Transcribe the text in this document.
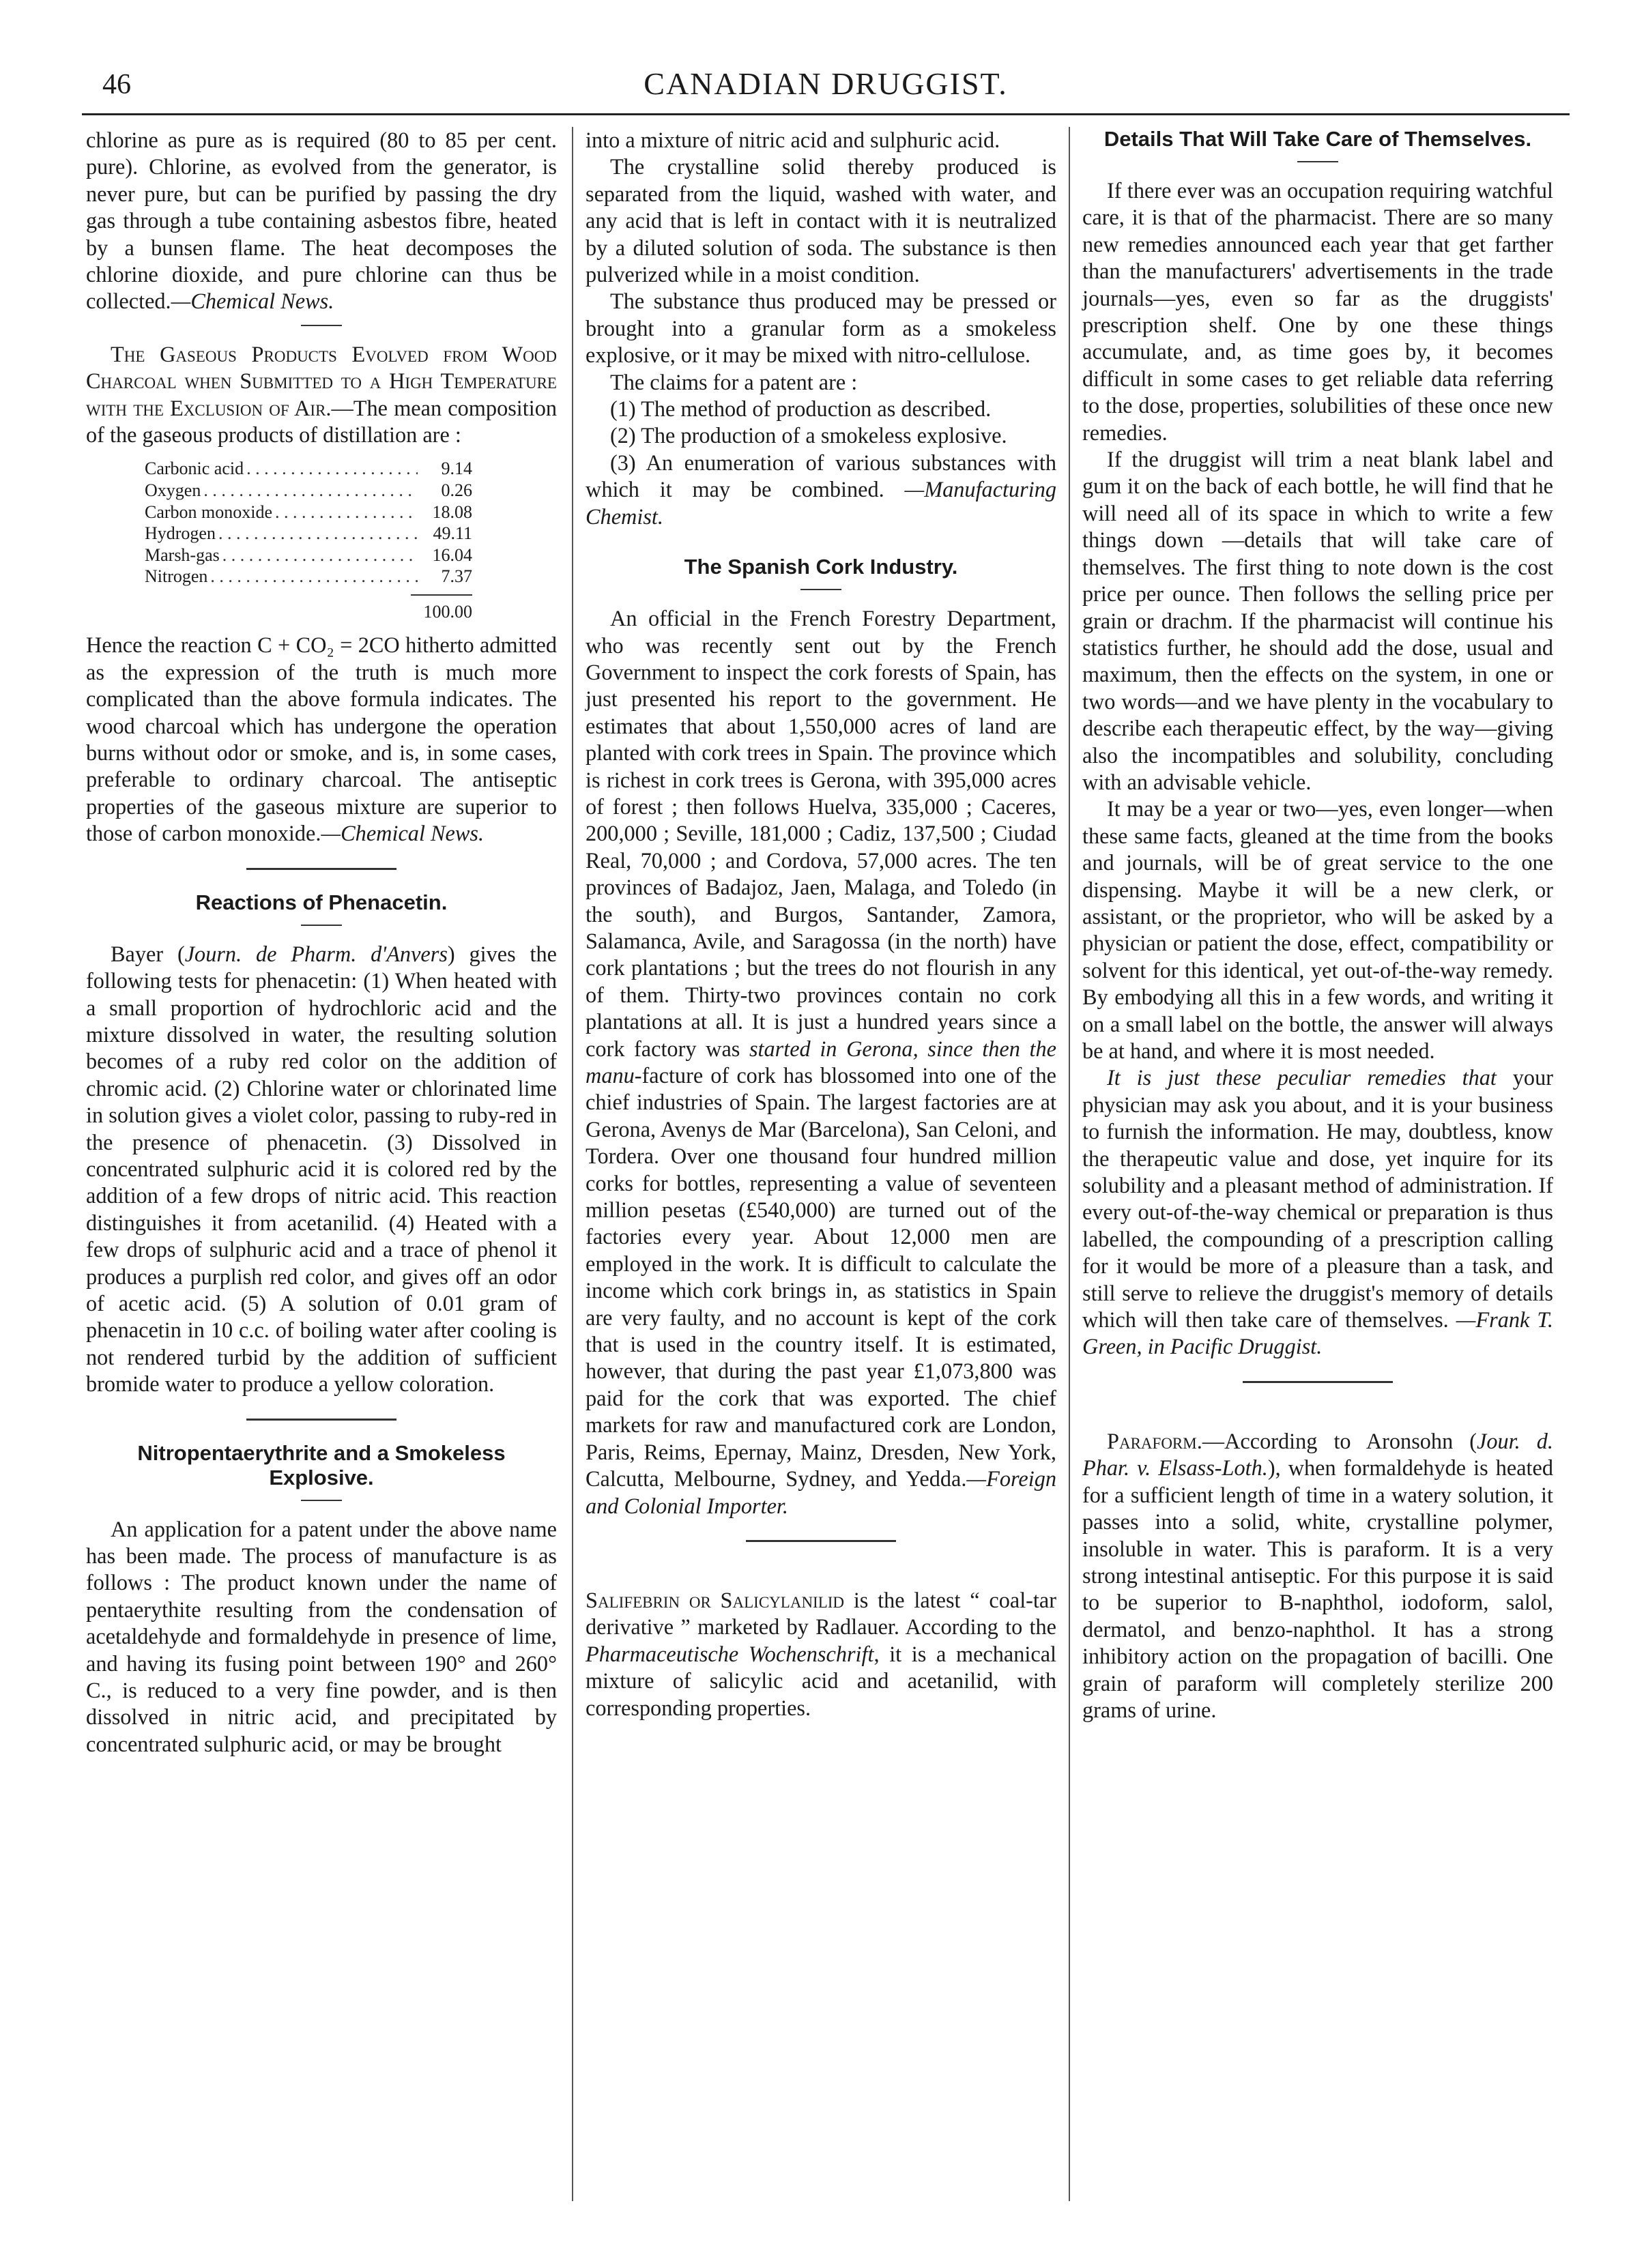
46	CANADIAN DRUGGIST.

chlorine as pure as is required (80 to 85 per cent. pure). Chlorine, as evolved from the generator, is never pure, but can be purified by passing the dry gas through a tube containing asbestos fibre, heated by a bunsen flame. The heat decomposes the chlorine dioxide, and pure chlorine can thus be collected.—Chemical News.

The Gaseous Products Evolved from Wood Charcoal when Submitted to a High Temperature with the Exclusion of Air.—The mean composition of the gaseous products of distillation are :

Carbonic acid . . .	9.14
Oxygen . . .	0.26
Carbon monoxide . . .	18.08
Hydrogen . . .	49.11
Marsh-gas . . .	16.04
Nitrogen . . .	7.37
100.00

Hence the reaction C + CO₂ = 2CO hitherto admitted as the expression of the truth is much more complicated than the above formula indicates. The wood charcoal which has undergone the operation burns without odor or smoke, and is, in some cases, preferable to ordinary charcoal. The antiseptic properties of the gaseous mixture are superior to those of carbon monoxide.—Chemical News.

Reactions of Phenacetin.

Bayer (Journ. de Pharm. d'Anvers) gives the following tests for phenacetin: (1) When heated with a small proportion of hydrochloric acid and the mixture dissolved in water, the resulting solution becomes of a ruby red color on the addition of chromic acid. (2) Chlorine water or chlorinated lime in solution gives a violet color, passing to ruby-red in the presence of phenacetin. (3) Dissolved in concentrated sulphuric acid it is colored red by the addition of a few drops of nitric acid. This reaction distinguishes it from acetanilid. (4) Heated with a few drops of sulphuric acid and a trace of phenol it produces a purplish red color, and gives off an odor of acetic acid. (5) A solution of 0.01 gram of phenacetin in 10 c.c. of boiling water after cooling is not rendered turbid by the addition of sufficient bromide water to produce a yellow coloration.

Nitropentaerythrite and a Smokeless Explosive.

An application for a patent under the above name has been made. The process of manufacture is as follows : The product known under the name of pentaerythite resulting from the condensation of acetaldehyde and formaldehyde in presence of lime, and having its fusing point between 190° and 260° C., is reduced to a very fine powder, and is then dissolved in nitric acid, and precipitated by concentrated sulphuric acid, or may be brought

into a mixture of nitric acid and sulphuric acid.

The crystalline solid thereby produced is separated from the liquid, washed with water, and any acid that is left in contact with it is neutralized by a diluted solution of soda. The substance is then pulverized while in a moist condition.

The substance thus produced may be pressed or brought into a granular form as a smokeless explosive, or it may be mixed with nitro-cellulose.

The claims for a patent are :

(1) The method of production as described.

(2) The production of a smokeless explosive.

(3) An enumeration of various substances with which it may be combined. —Manufacturing Chemist.

The Spanish Cork Industry.

An official in the French Forestry Department, who was recently sent out by the French Government to inspect the cork forests of Spain, has just presented his report to the government. He estimates that about 1,550,000 acres of land are planted with cork trees in Spain. The province which is richest in cork trees is Gerona, with 395,000 acres of forest ; then follows Huelva, 335,000 ; Caceres, 200,000 ; Seville, 181,000 ; Cadiz, 137,500 ; Ciudad Real, 70,000 ; and Cordova, 57,000 acres. The ten provinces of Badajoz, Jaen, Malaga, and Toledo (in the south), and Burgos, Santander, Zamora, Salamanca, Avile, and Saragossa (in the north) have cork plantations ; but the trees do not flourish in any of them. Thirty-two provinces contain no cork plantations at all. It is just a hundred years since a cork factory was started in Gerona, since then the manu-facture of cork has blossomed into one of the chief industries of Spain. The largest factories are at Gerona, Avenys de Mar (Barcelona), San Celoni, and Tordera. Over one thousand four hundred million corks for bottles, representing a value of seventeen million pesetas (£540,000) are turned out of the factories every year. About 12,000 men are employed in the work. It is difficult to calculate the income which cork brings in, as statistics in Spain are very faulty, and no account is kept of the cork that is used in the country itself. It is estimated, however, that during the past year £1,073,800 was paid for the cork that was exported. The chief markets for raw and manufactured cork are London, Paris, Reims, Epernay, Mainz, Dresden, New York, Calcutta, Melbourne, Sydney, and Yedda.—Foreign and Colonial Importer.

Salifebrin or Salicylanilid is the latest “ coal-tar derivative ” marketed by Radlauer. According to the Pharmaceutische Wochenschrift, it is a mechanical mixture of salicylic acid and acetanilid, with corresponding properties.

Details That Will Take Care of Themselves.

If there ever was an occupation requiring watchful care, it is that of the pharmacist. There are so many new remedies announced each year that get farther than the manufacturers' advertisements in the trade journals—yes, even so far as the druggists' prescription shelf. One by one these things accumulate, and, as time goes by, it becomes difficult in some cases to get reliable data referring to the dose, properties, solubilities of these once new remedies.

If the druggist will trim a neat blank label and gum it on the back of each bottle, he will find that he will need all of its space in which to write a few things down —details that will take care of themselves. The first thing to note down is the cost price per ounce. Then follows the selling price per grain or drachm. If the pharmacist will continue his statistics further, he should add the dose, usual and maximum, then the effects on the system, in one or two words—and we have plenty in the vocabulary to describe each therapeutic effect, by the way—giving also the incompatibles and solubility, concluding with an advisable vehicle.

It may be a year or two—yes, even longer—when these same facts, gleaned at the time from the books and journals, will be of great service to the one dispensing. Maybe it will be a new clerk, or assistant, or the proprietor, who will be asked by a physician or patient the dose, effect, compatibility or solvent for this identical, yet out-of-the-way remedy. By embodying all this in a few words, and writing it on a small label on the bottle, the answer will always be at hand, and where it is most needed.

It is just these peculiar remedies that your physician may ask you about, and it is your business to furnish the information. He may, doubtless, know the therapeutic value and dose, yet inquire for its solubility and a pleasant method of administration. If every out-of-the-way chemical or preparation is thus labelled, the compounding of a prescription calling for it would be more of a pleasure than a task, and still serve to relieve the druggist's memory of details which will then take care of themselves. —Frank T. Green, in Pacific Druggist.

Paraform.—According to Aronsohn (Jour. d. Phar. v. Elsass-Loth.), when formaldehyde is heated for a sufficient length of time in a watery solution, it passes into a solid, white, crystalline polymer, insoluble in water. This is paraform. It is a very strong intestinal antiseptic. For this purpose it is said to be superior to B-naphthol, iodoform, salol, dermatol, and benzo-naphthol. It has a strong inhibitory action on the propagation of bacilli. One grain of paraform will completely sterilize 200 grams of urine.
